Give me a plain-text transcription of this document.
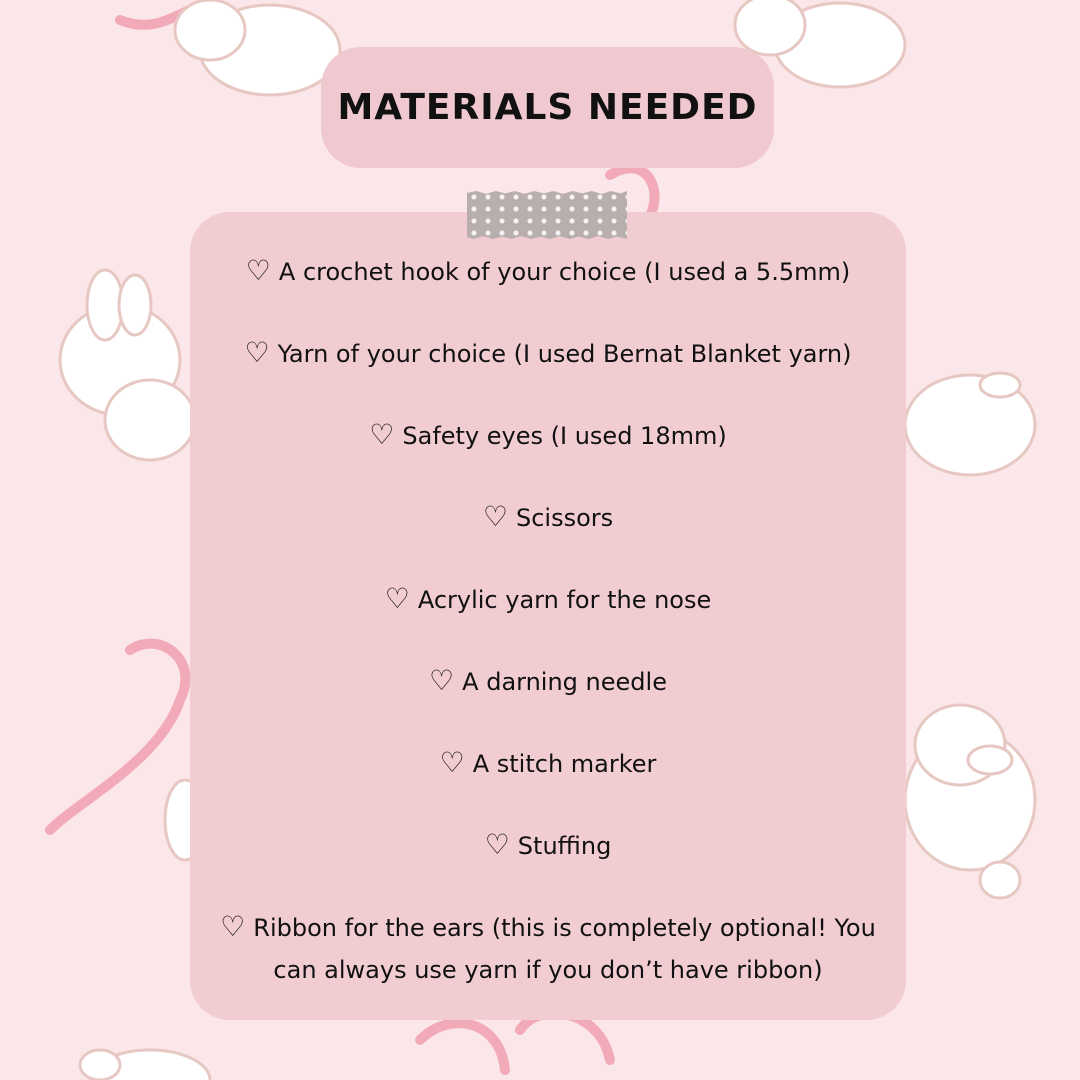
MATERIALS NEEDED
♡ A crochet hook of your choice (I used a 5.5mm)
♡ Yarn of your choice (I used Bernat Blanket yarn)
♡ Safety eyes (I used 18mm)
♡ Scissors
♡ Acrylic yarn for the nose
♡ A darning needle
♡ A stitch marker
♡ Stuffing
♡ Ribbon for the ears (this is completely optional! You can always use yarn if you don’t have ribbon)
